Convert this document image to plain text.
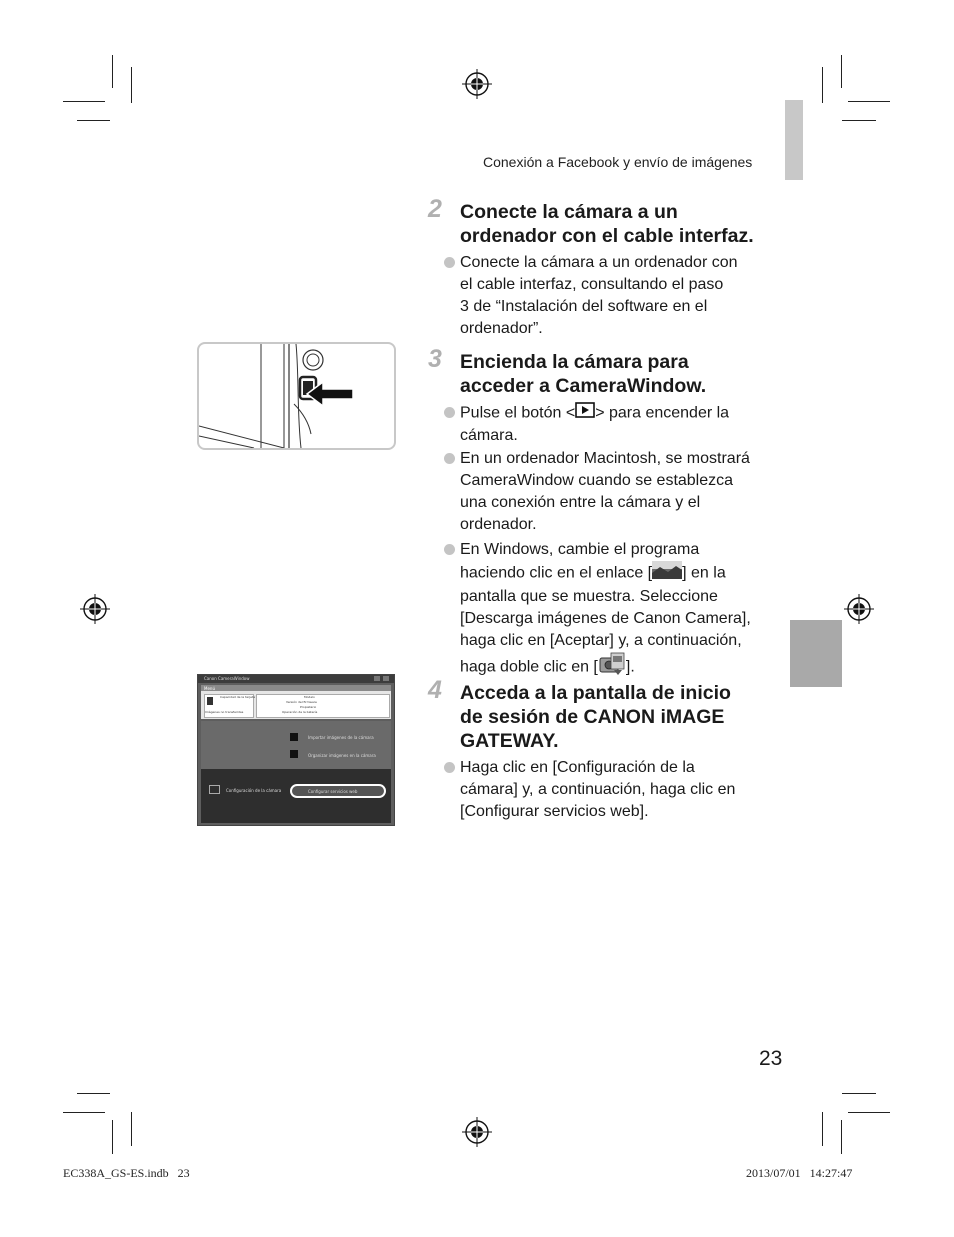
Conexión a Facebook y envío de imágenes
2 Conecte la cámara a un
ordenador con el cable interfaz.
Conecte la cámara a un ordenador con
el cable interfaz, consultando el paso
3 de “Instalación del software en el
ordenador”.
3 Encienda la cámara para
acceder a CameraWindow.
Pulse el botón < > para encender la
cámara.
En un ordenador Macintosh, se mostrará
CameraWindow cuando se establezca
una conexión entre la cámara y el
ordenador.
En Windows, cambie el programa
haciendo clic en el enlace [ ] en la
pantalla que se muestra. Seleccione
[Descarga imágenes de Canon Camera],
haga clic en [Aceptar] y, a continuación,
haga doble clic en [ ].
Canon CameraWindow
Menú
Capacidad de la tarjeta
Imágenes no transferidas
Modelo
Versión del firmware
Propietario
Operación de la batería
Importar imágenes de la cámara
Organizar imágenes en la cámara
Configuración de la cámara	Configurar servicios web
4 Acceda a la pantalla de inicio
de sesión de CANON iMAGE
GATEWAY.
Haga clic en [Configuración de la
cámara] y, a continuación, haga clic en
[Configurar servicios web].
23
EC338A_GS-ES.indb   23	2013/07/01   14:27:47
